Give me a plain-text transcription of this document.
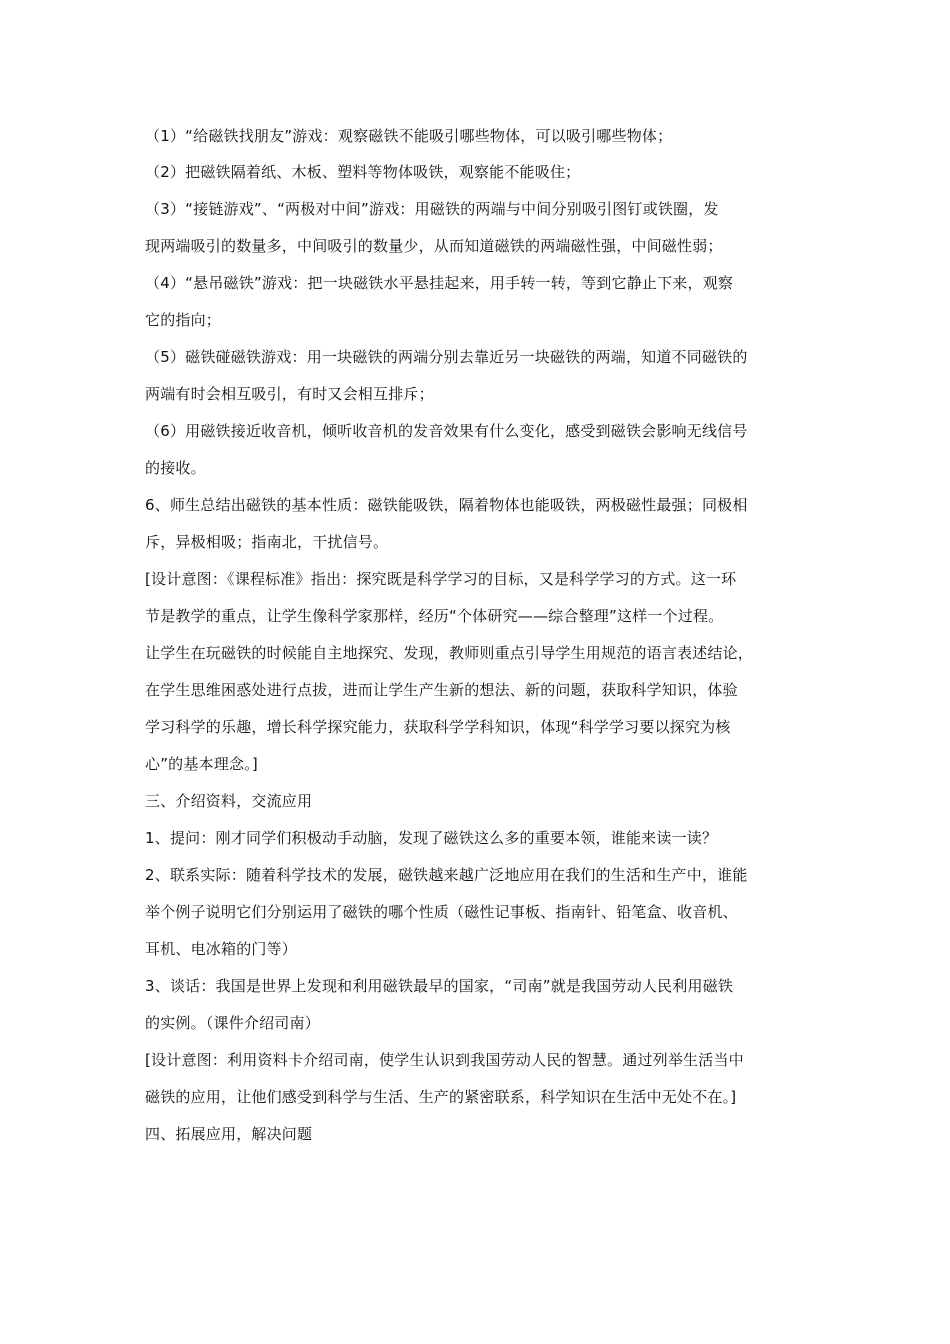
（1）“给磁铁找朋友”游戏：观察磁铁不能吸引哪些物体，可以吸引哪些物体；
（2）把磁铁隔着纸、木板、塑料等物体吸铁，观察能不能吸住；
（3）“接链游戏”、“两极对中间”游戏：用磁铁的两端与中间分别吸引图钉或铁圈，发
现两端吸引的数量多，中间吸引的数量少，从而知道磁铁的两端磁性强，中间磁性弱；
（4）“悬吊磁铁”游戏：把一块磁铁水平悬挂起来，用手转一转，等到它静止下来，观察
它的指向；
（5）磁铁碰磁铁游戏：用一块磁铁的两端分别去靠近另一块磁铁的两端，知道不同磁铁的
两端有时会相互吸引，有时又会相互排斥；
（6）用磁铁接近收音机，倾听收音机的发音效果有什么变化，感受到磁铁会影响无线信号
的接收。
6、师生总结出磁铁的基本性质：磁铁能吸铁，隔着物体也能吸铁，两极磁性最强；同极相
斥，异极相吸；指南北，干扰信号。
[设计意图：《课程标准》指出：探究既是科学学习的目标，又是科学学习的方式。这一环
节是教学的重点，让学生像科学家那样，经历“个体研究——综合整理”这样一个过程。
让学生在玩磁铁的时候能自主地探究、发现，教师则重点引导学生用规范的语言表述结论，
在学生思维困惑处进行点拔，进而让学生产生新的想法、新的问题，获取科学知识，体验
学习科学的乐趣，增长科学探究能力，获取科学学科知识，体现“科学学习要以探究为核
心”的基本理念。]
三、介绍资料，交流应用
1、提问：刚才同学们积极动手动脑，发现了磁铁这么多的重要本领，谁能来读一读？
2、联系实际：随着科学技术的发展，磁铁越来越广泛地应用在我们的生活和生产中，谁能
举个例子说明它们分别运用了磁铁的哪个性质（磁性记事板、指南针、铅笔盒、收音机、
耳机、电冰箱的门等）
3、谈话：我国是世界上发现和利用磁铁最早的国家，“司南”就是我国劳动人民利用磁铁
的实例。（课件介绍司南）
[设计意图：利用资料卡介绍司南，使学生认识到我国劳动人民的智慧。通过列举生活当中
磁铁的应用，让他们感受到科学与生活、生产的紧密联系，科学知识在生活中无处不在。]
四、拓展应用，解决问题
